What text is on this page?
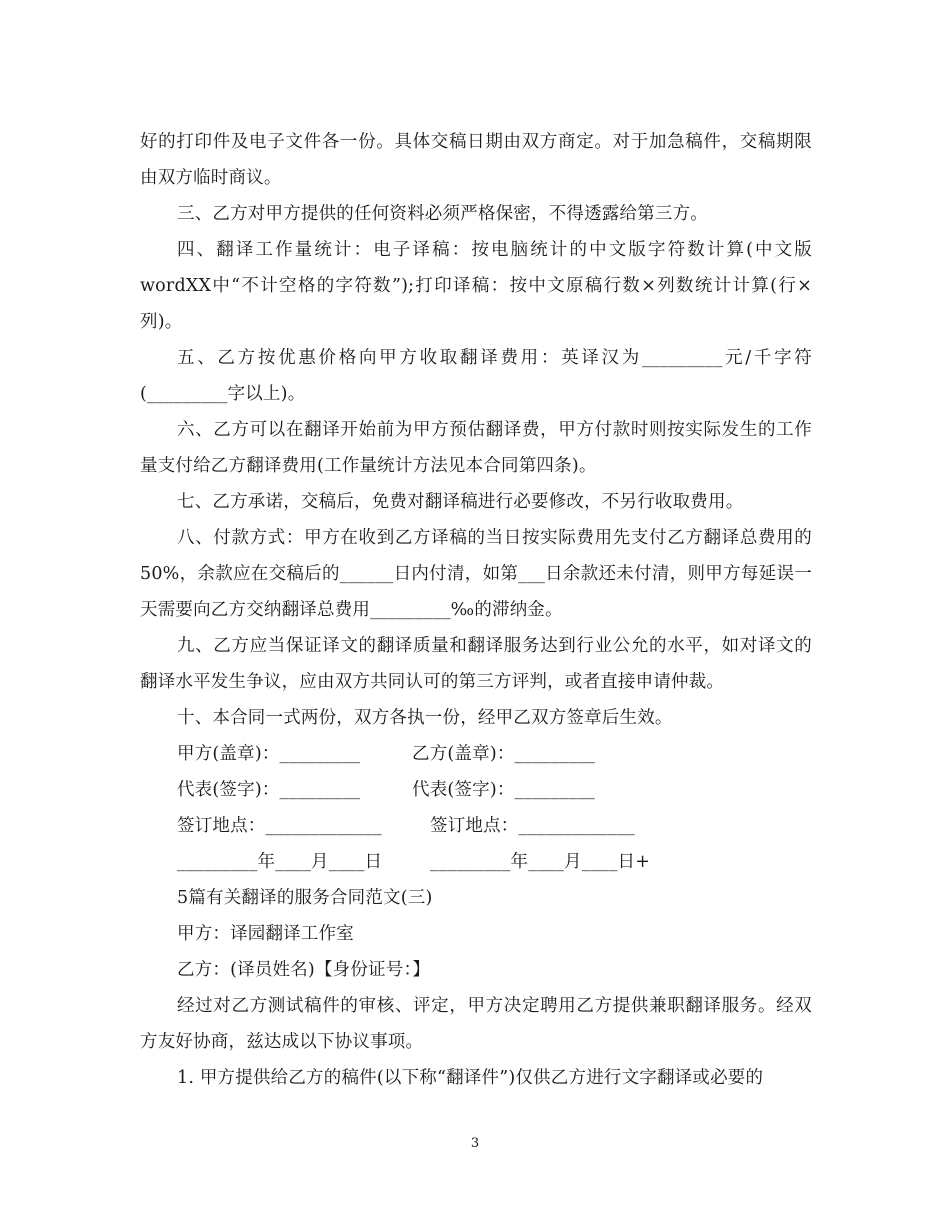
好的打印件及电子文件各一份。具体交稿日期由双方商定。对于加急稿件，交稿期限由双方临时商议。

三、乙方对甲方提供的任何资料必须严格保密，不得透露给第三方。

四、翻译工作量统计：电子译稿：按电脑统计的中文版字符数计算(中文版wordXX中“不计空格的字符数”);打印译稿：按中文原稿行数×列数统计计算(行×列)。

五、乙方按优惠价格向甲方收取翻译费用：英译汉为_________元/千字符(_________字以上)。

六、乙方可以在翻译开始前为甲方预估翻译费，甲方付款时则按实际发生的工作量支付给乙方翻译费用(工作量统计方法见本合同第四条)。

七、乙方承诺，交稿后，免费对翻译稿进行必要修改，不另行收取费用。

八、付款方式：甲方在收到乙方译稿的当日按实际费用先支付乙方翻译总费用的50%，余款应在交稿后的______日内付清，如第___日余款还未付清，则甲方每延误一天需要向乙方交纳翻译总费用_________‰的滞纳金。

九、乙方应当保证译文的翻译质量和翻译服务达到行业公允的水平，如对译文的翻译水平发生争议，应由双方共同认可的第三方评判，或者直接申请仲裁。

十、本合同一式两份，双方各执一份，经甲乙双方签章后生效。

甲方(盖章)：_________	乙方(盖章)：_________
代表(签字)：_________	代表(签字)：_________
签订地点：_____________	签订地点：_____________
_________年____月____日	_________年____月____日+

5篇有关翻译的服务合同范文(三)

甲方：译园翻译工作室

乙方：(译员姓名)【身份证号：】

经过对乙方测试稿件的审核、评定，甲方决定聘用乙方提供兼职翻译服务。经双方友好协商，兹达成以下协议事项。

1. 甲方提供给乙方的稿件(以下称“翻译件”)仅供乙方进行文字翻译或必要的

3
